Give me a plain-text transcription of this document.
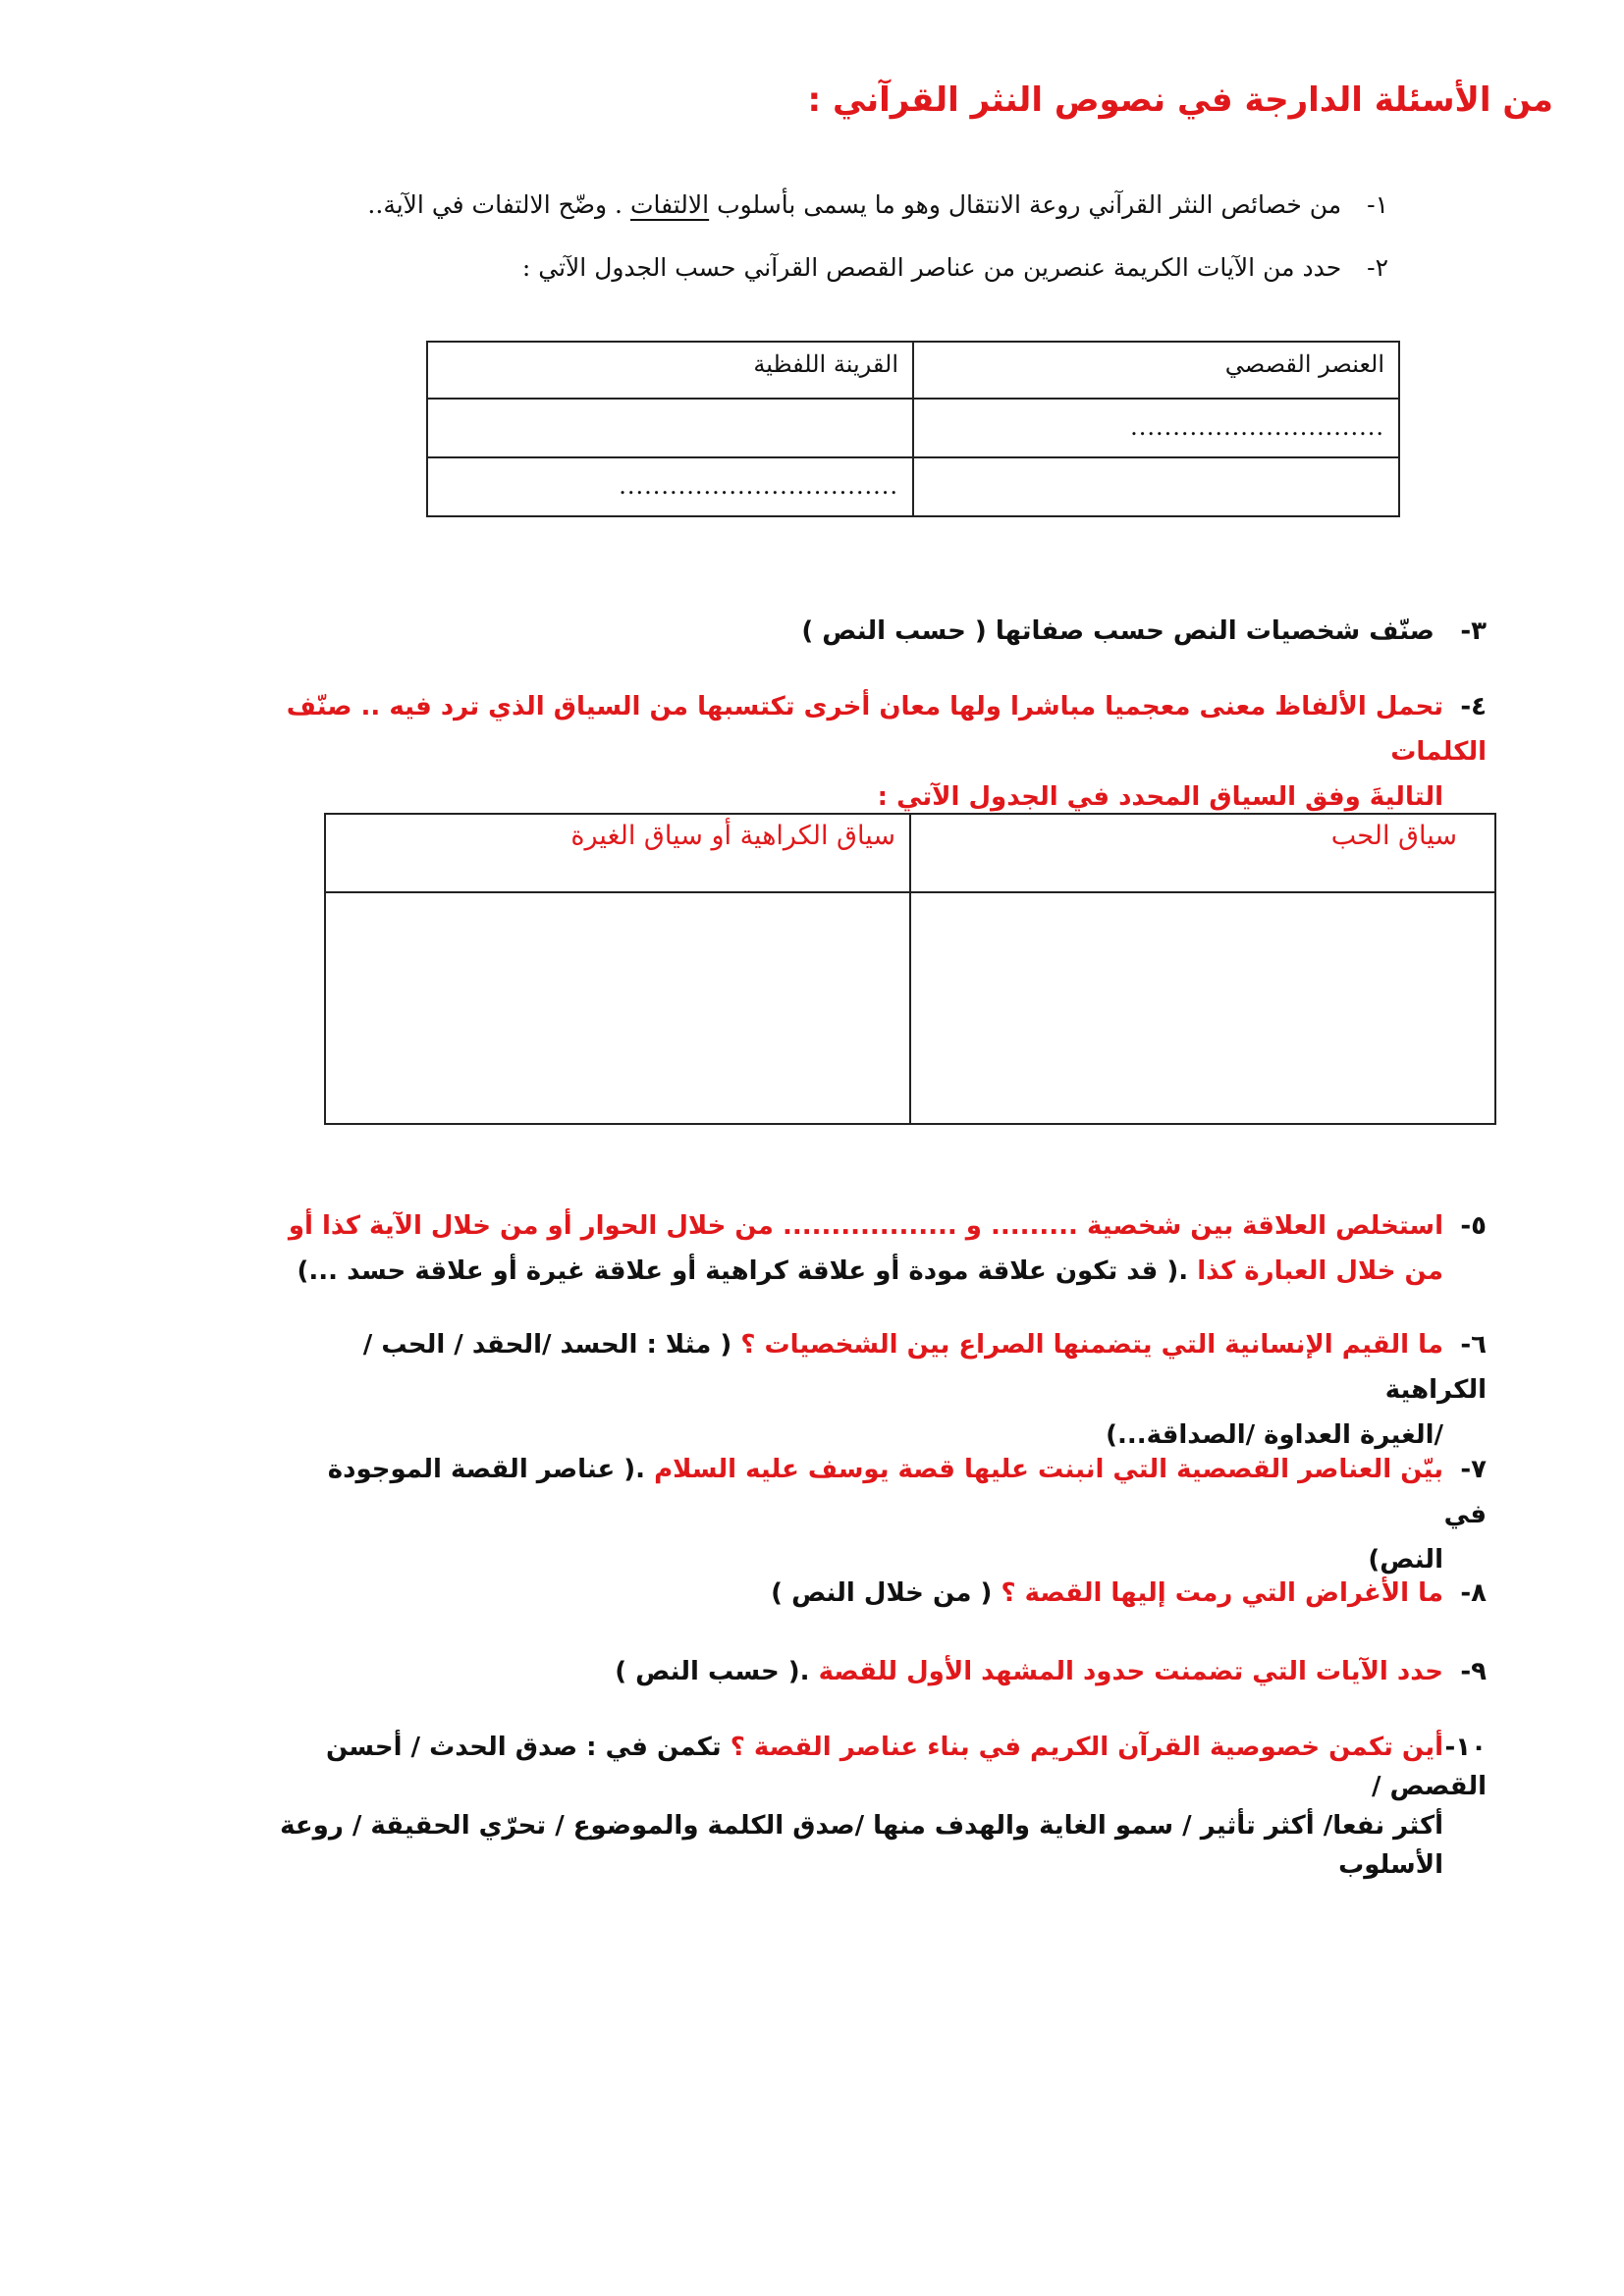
من الأسئلة الدارجة في نصوص النثر القرآني :
١- من خصائص النثر القرآني روعة الانتقال وهو ما يسمى بأسلوب الالتفات . وضّح الالتفات في الآية..
٢- حدد من الآيات الكريمة عنصرين من عناصر القصص القرآني حسب الجدول الآتي :
العنصر القصصي	القرينة اللفظية
..............................	
	.................................
٣- صنّف شخصيات النص حسب صفاتها ( حسب النص )
٤-تحمل الألفاظ معنى معجميا مباشرا ولها معان أخرى تكتسبها من السياق الذي ترد فيه .. صنّف الكلمات
التاليةَ وفق السياق المحدد في الجدول الآتي :
سياق الحب	سياق الكراهية أو سياق الغيرة

٥-استخلص العلاقة بين شخصية ......... و .................. من خلال الحوار أو من خلال الآية كذا أو
من خلال العبارة كذا .( قد تكون علاقة مودة أو علاقة كراهية أو علاقة غيرة أو علاقة حسد ...)
٦-ما القيم الإنسانية التي يتضمنها الصراع بين الشخصيات ؟ ( مثلا : الحسد /الحقد / الحب /الكراهية
/الغيرة العداوة /الصداقة...)
٧-بيّن العناصر القصصية التي انبنت عليها قصة يوسف عليه السلام .( عناصر القصة الموجودة في
النص)
٨-ما الأغراض التي رمت إليها القصة ؟ ( من خلال النص )
٩-حدد الآيات التي تضمنت حدود المشهد الأول للقصة .( حسب النص )
١٠-أين تكمن خصوصية القرآن الكريم في بناء عناصر القصة ؟ تكمن في : صدق الحدث / أحسن القصص /
أكثر نفعا/ أكثر تأثير / سمو الغاية والهدف منها /صدق الكلمة والموضوع / تحرّي الحقيقة / روعة
الأسلوب
